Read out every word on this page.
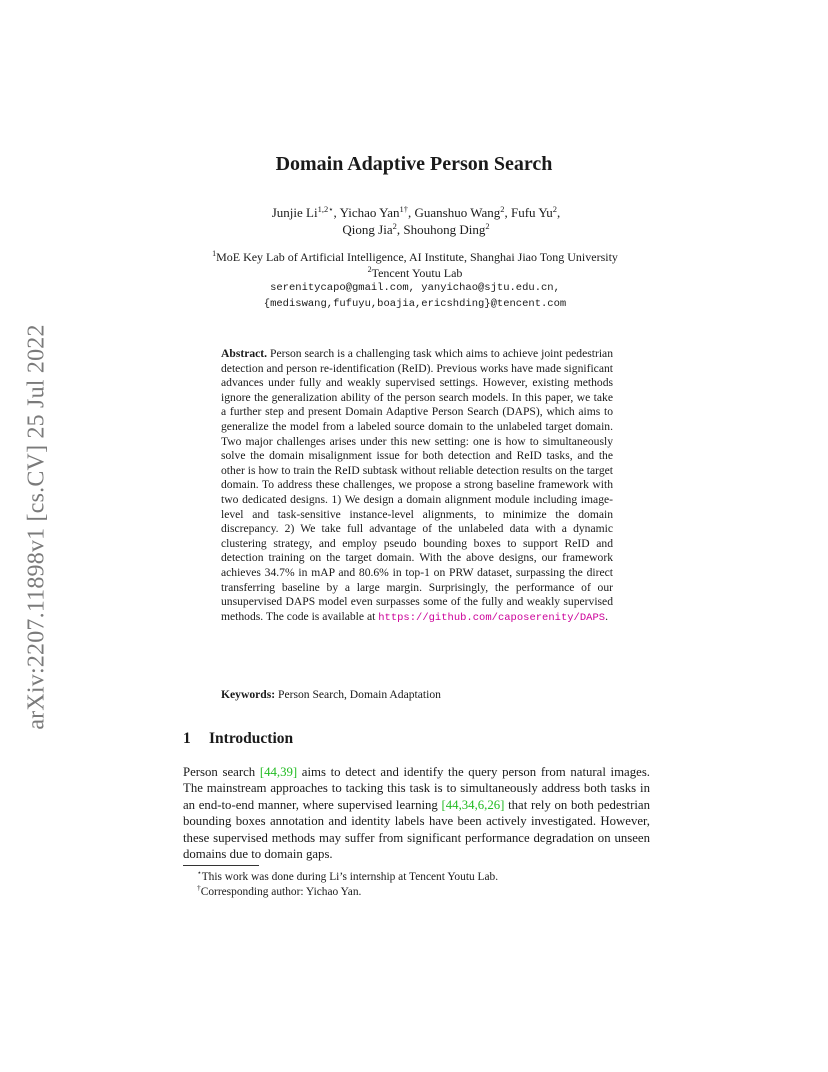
arXiv:2207.11898v1 [cs.CV] 25 Jul 2022
Domain Adaptive Person Search
Junjie $Li^{1,2⋆}$, Yichao Yan$^{1\dagger}$, Guanshuo Wang$^2$, Fufu Yu$^2$,
Qiong Jia$^2$, Shouhong Ding$^2$
$^1$MoE Key Lab of Artificial Intelligence, AI Institute, Shanghai Jiao Tong University
$^2$Tencent Youtu Lab
serenitycapo@gmail.com, yanyichao@sjtu.edu.cn,
{mediswang,fufuyu,boajia,ericshding}@tencent.com

Abstract. Person search is a challenging task which aims to achieve joint pedestrian detection and person re-identification (ReID). Previous works have made significant advances under fully and weakly supervised settings. However, existing methods ignore the generalization ability of the person search models. In this paper, we take a further step and present Domain Adaptive Person Search (DAPS), which aims to generalize the model from a labeled source domain to the unlabeled target domain. Two major challenges arises under this new setting: one is how to simultaneously solve the domain misalignment issue for both detection and ReID tasks, and the other is how to train the ReID subtask without reliable detection results on the target domain. To address these challenges, we propose a strong baseline framework with two dedicated designs. 1) We design a domain alignment module including image-level and task-sensitive instance-level alignments, to minimize the domain discrepancy. 2) We take full advantage of the unlabeled data with a dynamic clustering strategy, and employ pseudo bounding boxes to support ReID and detection training on the target domain. With the above designs, our framework achieves 34.7% in mAP and 80.6% in top-1 on PRW dataset, surpassing the direct transferring baseline by a large margin. Surprisingly, the performance of our unsupervised DAPS model even surpasses some of the fully and weakly supervised methods. The code is available at https://github.com/caposerenity/DAPS.

Keywords: Person Search, Domain Adaptation

1 Introduction

Person search [44,39] aims to detect and identify the query person from natural images. The mainstream approaches to tacking this task is to simultaneously address both tasks in an end-to-end manner, where supervised learning [44,34,6,26] that rely on both pedestrian bounding boxes annotation and identity labels have been actively investigated. However, these supervised methods may suffer from significant performance degradation on unseen domains due to domain gaps.

⋆This work was done during Li’s internship at Tencent Youtu Lab.
†Corresponding author: Yichao Yan.
